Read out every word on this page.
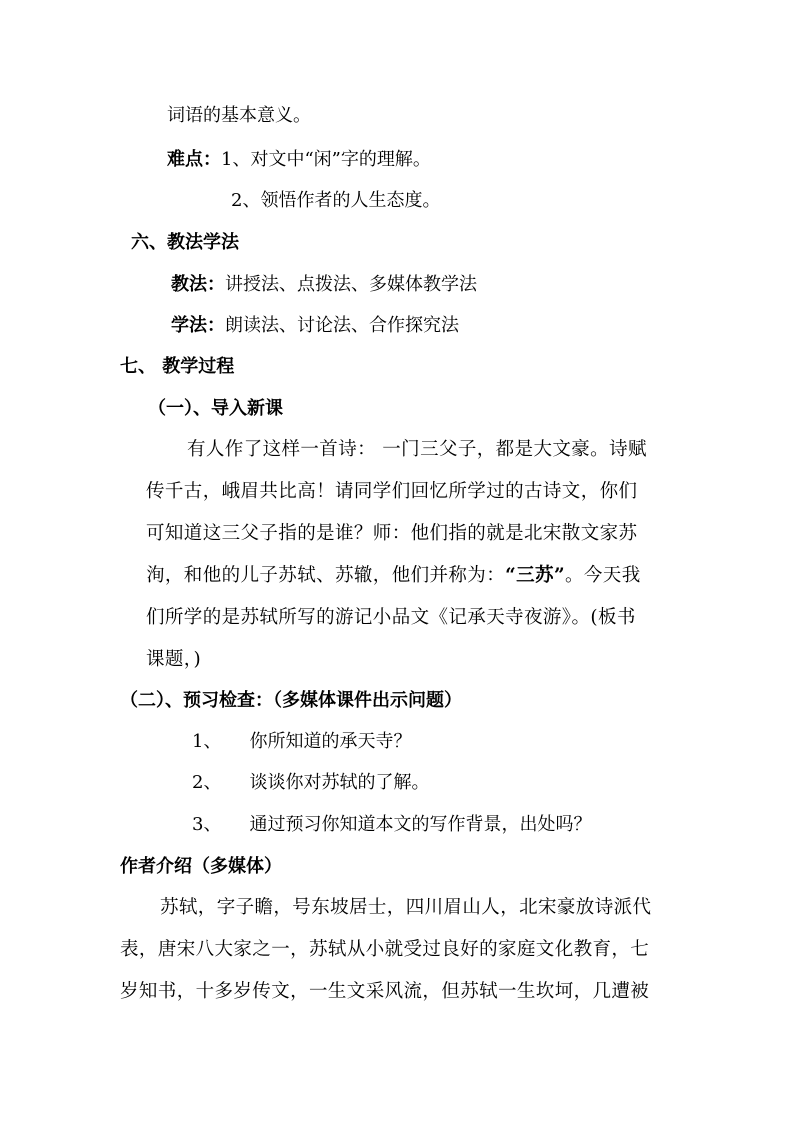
词语的基本意义。
难点：1、对文中“闲”字的理解。
2、领悟作者的人生态度。
六、教法学法
教法：讲授法、点拨法、多媒体教学法
学法：朗读法、讨论法、合作探究法
七、 教学过程
（一）、导入新课
有人作了这样一首诗： 一门三父子，都是大文豪。诗赋
传千古，峨眉共比高！请同学们回忆所学过的古诗文，你们
可知道这三父子指的是谁？师：他们指的就是北宋散文家苏
洵，和他的儿子苏轼、苏辙，他们并称为：“三苏”。今天我
们所学的是苏轼所写的游记小品文《记承天寺夜游》。(板书
课题，)
（二）、预习检查：（多媒体课件出示问题）
1、 你所知道的承天寺？
2、 谈谈你对苏轼的了解。
3、 通过预习你知道本文的写作背景，出处吗？
作者介绍（多媒体）
苏轼，字子瞻，号东坡居士，四川眉山人，北宋豪放诗派代
表，唐宋八大家之一，苏轼从小就受过良好的家庭文化教育，七
岁知书，十多岁传文，一生文采风流，但苏轼一生坎坷，几遭被
